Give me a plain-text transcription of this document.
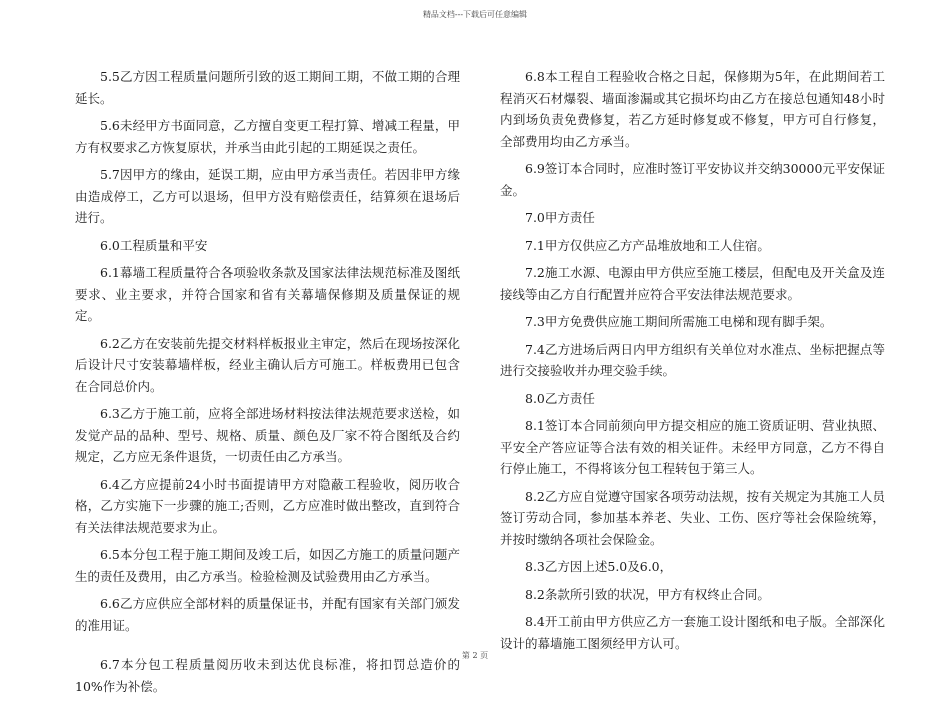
精品文档---下载后可任意编辑

5.5乙方因工程质量问题所引致的返工期间工期，不做工期的合理延长。

5.6未经甲方书面同意，乙方擅自变更工程打算、增减工程量，甲方有权要求乙方恢复原状，并承当由此引起的工期延误之责任。

5.7因甲方的缘由，延误工期，应由甲方承当责任。若因非甲方缘由造成停工，乙方可以退场，但甲方没有赔偿责任，结算须在退场后进行。

6.0工程质量和平安

6.1幕墙工程质量符合各项验收条款及国家法律法规范标准及图纸要求、业主要求，并符合国家和省有关幕墙保修期及质量保证的规定。

6.2乙方在安装前先提交材料样板报业主审定，然后在现场按深化后设计尺寸安装幕墙样板，经业主确认后方可施工。样板费用已包含在合同总价内。

6.3乙方于施工前，应将全部进场材料按法律法规范要求送检，如发觉产品的品种、型号、规格、质量、颜色及厂家不符合图纸及合约规定，乙方应无条件退货，一切责任由乙方承当。

6.4乙方应提前24小时书面提请甲方对隐蔽工程验收，阅历收合格，乙方实施下一步骤的施工;否则，乙方应准时做出整改，直到符合有关法律法规范要求为止。

6.5本分包工程于施工期间及竣工后，如因乙方施工的质量问题产生的责任及费用，由乙方承当。检验检测及试验费用由乙方承当。

6.6乙方应供应全部材料的质量保证书，并配有国家有关部门颁发的准用证。

6.7本分包工程质量阅历收未到达优良标准，将扣罚总造价的10%作为补偿。

6.8本工程自工程验收合格之日起，保修期为5年，在此期间若工程消灭石材爆裂、墙面渗漏或其它损坏均由乙方在接总包通知48小时内到场负责免费修复，若乙方延时修复或不修复，甲方可自行修复，全部费用均由乙方承当。

6.9签订本合同时，应准时签订平安协议并交纳30000元平安保证金。

7.0甲方责任

7.1甲方仅供应乙方产品堆放地和工人住宿。

7.2施工水源、电源由甲方供应至施工楼层，但配电及开关盒及连接线等由乙方自行配置并应符合平安法律法规范要求。

7.3甲方免费供应施工期间所需施工电梯和现有脚手架。

7.4乙方进场后两日内甲方组织有关单位对水准点、坐标把握点等进行交接验收并办理交验手续。

8.0乙方责任

8.1签订本合同前须向甲方提交相应的施工资质证明、营业执照、平安全产答应证等合法有效的相关证件。未经甲方同意，乙方不得自行停止施工，不得将该分包工程转包于第三人。

8.2乙方应自觉遵守国家各项劳动法规，按有关规定为其施工人员签订劳动合同，参加基本养老、失业、工伤、医疗等社会保险统筹，并按时缴纳各项社会保险金。

8.3乙方因上述5.0及6.0，

8.2条款所引致的状况，甲方有权终止合同。

8.4开工前由甲方供应乙方一套施工设计图纸和电子版。全部深化设计的幕墙施工图须经甲方认可。

第 2 页
